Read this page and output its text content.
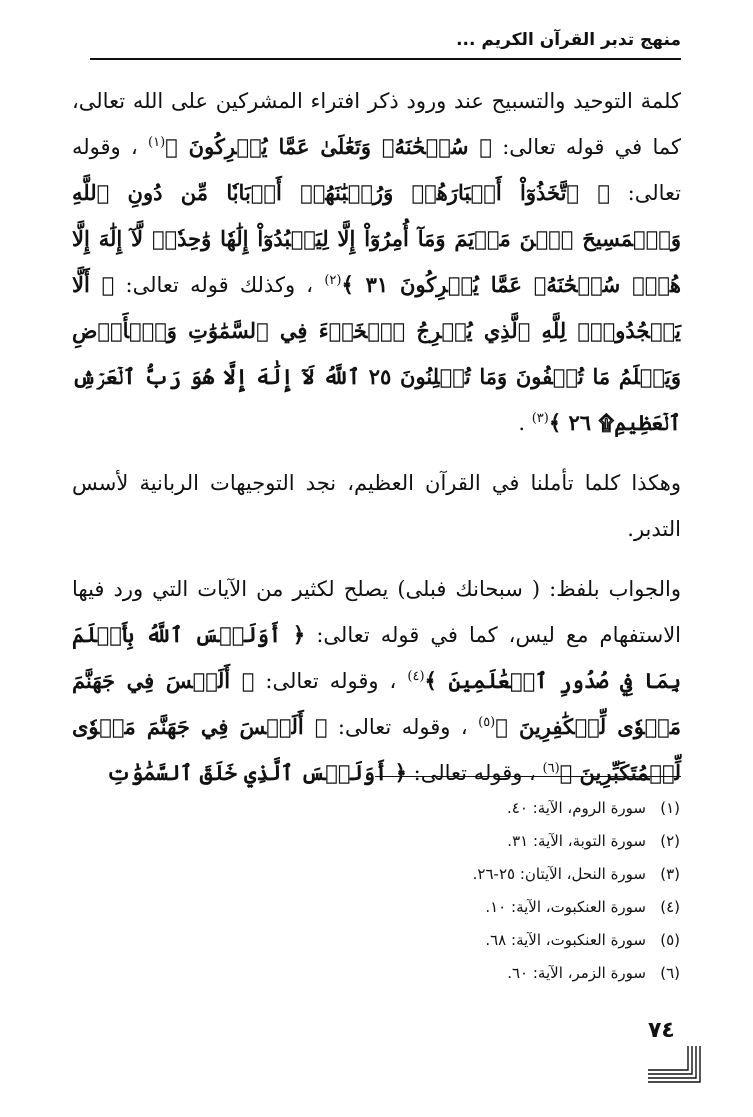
منهج تدبر القرآن الكريم ...

كلمة التوحيد والتسبيح عند ورود ذكر افتراء المشركين على الله تعالى، كما في قوله تعالى: ﴿ سُبۡحَٰنَهُۥ وَتَعَٰلَىٰ عَمَّا يُشۡرِكُونَ ﴾$^{(١)}$ ، وقوله تعالى: ﴿ ٱتَّخَذُوٓاْ أَحۡبَارَهُمۡ وَرُهۡبَٰنَهُمۡ أَرۡبَابٗا مِّن دُونِ ٱللَّهِ وَٱلۡمَسِيحَ ٱبۡنَ مَرۡيَمَ وَمَآ أُمِرُوٓاْ إِلَّا لِيَعۡبُدُوٓاْ إِلَٰهٗا وَٰحِدٗاۖ لَّآ إِلَٰهَ إِلَّا هُوَۚ سُبۡحَٰنَهُۥ عَمَّا يُشۡرِكُونَ ٣١ ﴾$^{(٢)}$ ، وكذلك قوله تعالى: ﴿ أَلَّا يَسۡجُدُواْۤ لِلَّهِ ٱلَّذِي يُخۡرِجُ ٱلۡخَبۡءَ فِي ٱلسَّمَٰوَٰتِ وَٱلۡأَرۡضِ وَيَعۡلَمُ مَا تُخۡفُونَ وَمَا تُعۡلِنُونَ ٢٥ ٱللَّهُ لَآ إِلَٰهَ إِلَّا هُوَ رَبُّ ٱلۡعَرۡشِ ٱلۡعَظِيمِ۩ ٢٦ ﴾$^{(٣)}$ .

وهكذا كلما تأملنا في القرآن العظيم، نجد التوجيهات الربانية لأسس التدبر.

والجواب بلفظ: ( سبحانك فبلى) يصلح لكثير من الآيات التي ورد فيها الاستفهام مع ليس، كما في قوله تعالى: ﴿ أَوَلَيۡسَ ٱللَّهُ بِأَعۡلَمَ بِمَا فِي صُدُورِ ٱلۡعَٰلَمِينَ ﴾$^{(٤)}$ ، وقوله تعالى: ﴿ أَلَيۡسَ فِي جَهَنَّمَ مَثۡوٗى لِّلۡكَٰفِرِينَ ﴾$^{(٥)}$ ، وقوله تعالى: ﴿ أَلَيۡسَ فِي جَهَنَّمَ مَثۡوٗى لِّلۡمُتَكَبِّرِينَ ﴾$^{(٦)}$ ، وقوله تعالى: ﴿ أَوَلَيۡسَ ٱلَّذِي خَلَقَ ٱلسَّمَٰوَٰتِ

(١)سورة الروم، الآية: ٤٠.
(٢)سورة التوبة، الآية: ٣١.
(٣)سورة النحل، الآيتان: ٢٥-٢٦.
(٤)سورة العنكبوت، الآية: ١٠.
(٥)سورة العنكبوت، الآية: ٦٨.
(٦)سورة الزمر، الآية: ٦٠.
٧٤
